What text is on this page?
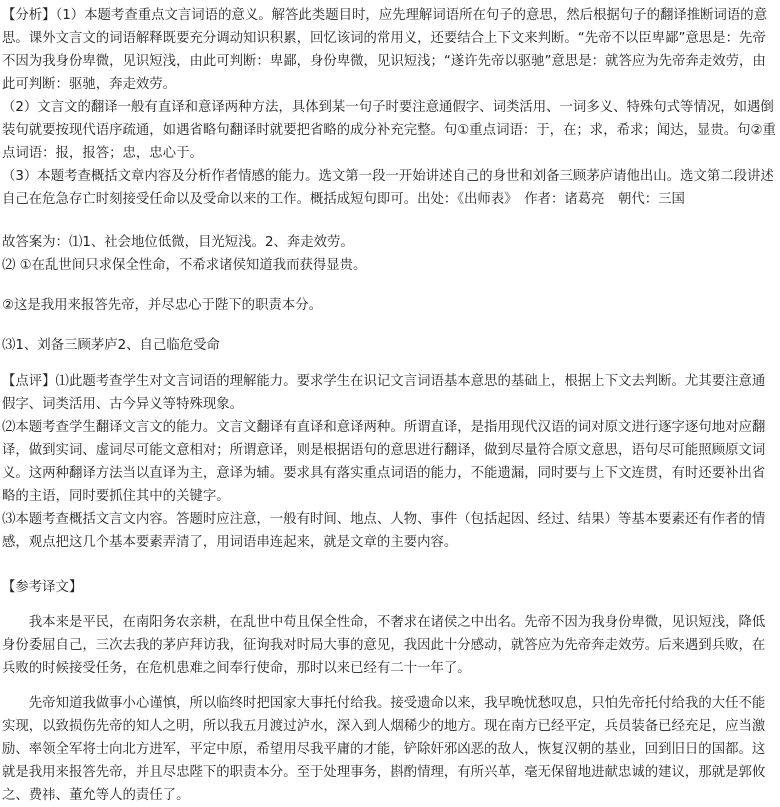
【分析】（1）本题考查重点文言词语的意义。解答此类题目时，应先理解词语所在句子的意思，然后根据句子的翻译推断词语的意思。课外文言文的词语解释既要充分调动知识积累，回忆该词的常用义，还要结合上下文来判断。“先帝不以臣卑鄙”意思是：先帝不因为我身份卑微，见识短浅，由此可判断：卑鄙，身份卑微，见识短浅；“遂许先帝以驱驰”意思是：就答应为先帝奔走效劳，由此可判断：驱驰，奔走效劳。

（2）文言文的翻译一般有直译和意译两种方法，具体到某一句子时要注意通假字、词类活用、一词多义、特殊句式等情况，如遇倒装句就要按现代语序疏通，如遇省略句翻译时就要把省略的成分补充完整。句①重点词语：于，在；求，希求；闻达，显贵。句②重点词语：报，报答；忠，忠心于。

（3）本题考查概括文章内容及分析作者情感的能力。选文第一段一开始讲述自己的身世和刘备三顾茅庐请他出山。选文第二段讲述自己在危急存亡时刻接受任命以及受命以来的工作。概括成短句即可。出处：《出师表》　作者：诸葛亮　朝代：三国

故答案为：⑴1、社会地位低微，目光短浅。2、奔走效劳。

⑵ ①在乱世间只求保全性命，不希求诸侯知道我而获得显贵。

②这是我用来报答先帝，并尽忠心于陛下的职责本分。

⑶1、刘备三顾茅庐2、自己临危受命

【点评】⑴此题考查学生对文言词语的理解能力。要求学生在识记文言词语基本意思的基础上，根据上下文去判断。尤其要注意通假字、词类活用、古今异义等特殊现象。

⑵本题考查学生翻译文言文的能力。文言文翻译有直译和意译两种。所谓直译，是指用现代汉语的词对原文进行逐字逐句地对应翻译，做到实词、虚词尽可能文意相对；所谓意译，则是根据语句的意思进行翻译，做到尽量符合原文意思，语句尽可能照顾原文词义。这两种翻译方法当以直译为主，意译为辅。要求具有落实重点词语的能力，不能遗漏，同时要与上下文连贯，有时还要补出省略的主语，同时要抓住其中的关键字。

⑶本题考查概括文言文内容。答题时应注意，一般有时间、地点、人物、事件（包括起因、经过、结果）等基本要素还有作者的情感，观点把这几个基本要素弄清了，用词语串连起来，就是文章的主要内容。

【参考译文】

我本来是平民，在南阳务农亲耕，在乱世中苟且保全性命，不奢求在诸侯之中出名。先帝不因为我身份卑微，见识短浅，降低身份委屈自己，三次去我的茅庐拜访我，征询我对时局大事的意见，我因此十分感动，就答应为先帝奔走效劳。后来遇到兵败，在兵败的时候接受任务，在危机患难之间奉行使命，那时以来已经有二十一年了。

先帝知道我做事小心谨慎，所以临终时把国家大事托付给我。接受遗命以来，我早晚忧愁叹息，只怕先帝托付给我的大任不能实现，以致损伤先帝的知人之明，所以我五月渡过泸水，深入到人烟稀少的地方。现在南方已经平定，兵员装备已经充足，应当激励、率领全军将士向北方进军，平定中原，希望用尽我平庸的才能，铲除奸邪凶恶的敌人，恢复汉朝的基业，回到旧日的国都。这就是我用来报答先帝，并且尽忠陛下的职责本分。至于处理事务，斟酌情理，有所兴革，毫无保留地进献忠诚的建议，那就是郭攸之、费祎、董允等人的责任了。
